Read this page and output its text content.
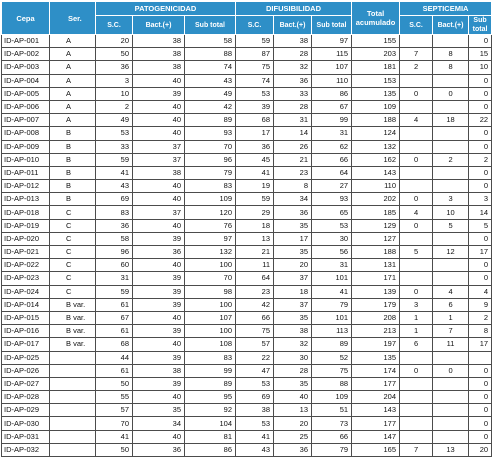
Cepa	Ser.	PATOGENICIDAD			DIFUSIBILIDAD			Total acumulado	SEPTICEMIA		
		S.C.	Bact.(+)	Sub total	S.C.	Bact.(+)	Sub total		S.C.	Bact.(+)	Sub total
ID-AP-001	A	20	38	58	59	38	97	155			0
ID-AP-002	A	50	38	88	87	28	115	203	7	8	15
ID-AP-003	A	36	38	74	75	32	107	181	2	8	10
ID-AP-004	A	3	40	43	74	36	110	153			0
ID-AP-005	A	10	39	49	53	33	86	135	0	0	0
ID-AP-006	A	2	40	42	39	28	67	109			0
ID-AP-007	A	49	40	89	68	31	99	188	4	18	22
ID-AP-008	B	53	40	93	17	14	31	124			0
ID-AP-009	B	33	37	70	36	26	62	132			0
ID-AP-010	B	59	37	96	45	21	66	162	0	2	2
ID-AP-011	B	41	38	79	41	23	64	143			0
ID-AP-012	B	43	40	83	19	8	27	110			0
ID-AP-013	B	69	40	109	59	34	93	202	0	3	3
ID-AP-018	C	83	37	120	29	36	65	185	4	10	14
ID-AP-019	C	36	40	76	18	35	53	129	0	5	5
ID-AP-020	C	58	39	97	13	17	30	127			0
ID-AP-021	C	96	36	132	21	35	56	188	5	12	17
ID-AP-022	C	60	40	100	11	20	31	131			0
ID-AP-023	C	31	39	70	64	37	101	171			0
ID-AP-024	C	59	39	98	23	18	41	139	0	4	4
ID-AP-014	B var.	61	39	100	42	37	79	179	3	6	9
ID-AP-015	B var.	67	40	107	66	35	101	208	1	1	2
ID-AP-016	B var.	61	39	100	75	38	113	213	1	7	8
ID-AP-017	B var.	68	40	108	57	32	89	197	6	11	17
ID-AP-025		44	39	83	22	30	52	135			
ID-AP-026		61	38	99	47	28	75	174	0	0	0
ID-AP-027		50	39	89	53	35	88	177			0
ID-AP-028		55	40	95	69	40	109	204			0
ID-AP-029		57	35	92	38	13	51	143			0
ID-AP-030		70	34	104	53	20	73	177			0
ID-AP-031		41	40	81	41	25	66	147			0
ID-AP-032		50	36	86	43	36	79	165	7	13	20
